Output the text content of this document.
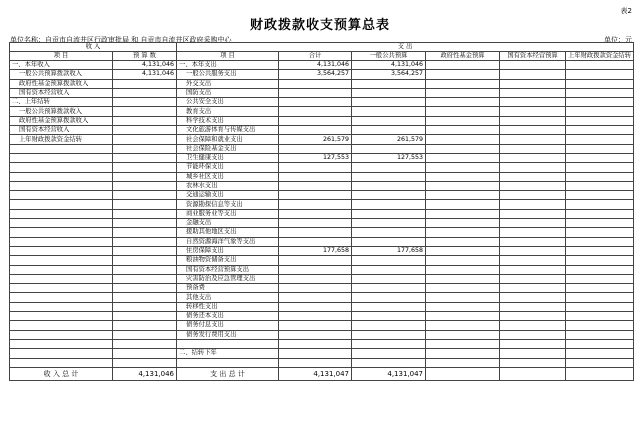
表2
财政拨款收支预算总表
单位名称：自贡市自流井区行政审批局 和 自贡市自流井区政府采购中心	单位：元
收 入		支 出					
项 目	预 算 数	项 目	合计	一般公共预算	政府性基金预算	国有资本经营预算	上年财政拨款资金结转
一、本年收入	4,131,046	一、本年支出	4,131,046	4,131,046			
一般公共预算拨款收入	4,131,046	一般公共服务支出	3,564,257	3,564,257			
政府性基金预算拨款收入		外交支出					
国有资本经营收入		国防支出					
二、上年结转		公共安全支出					
一般公共预算拨款收入		教育支出					
政府性基金预算拨款收入		科学技术支出					
国有资本经营收入		文化旅游体育与传媒支出					
上年财政拨款资金结转		社会保障和就业支出	261,579	261,579			
		社会保险基金支出					
		卫生健康支出	127,553	127,553			
		节能环保支出					
		城乡社区支出					
		农林水支出					
		交通运输支出					
		资源勘探信息等支出					
		商业服务业等支出					
		金融支出					
		援助其他地区支出					
		自然资源海洋气象等支出					
		住房保障支出	177,658	177,658			
		粮油物资储备支出					
		国有资本经营预算支出					
		灾害防治及应急管理支出					
		预备费					
		其他支出					
		转移性支出					
		债务还本支出					
		债务付息支出					
		债务发行费用支出					

		二、结转下年					

收 入 总 计	4,131,046	支 出 总 计	4,131,047	4,131,047			
